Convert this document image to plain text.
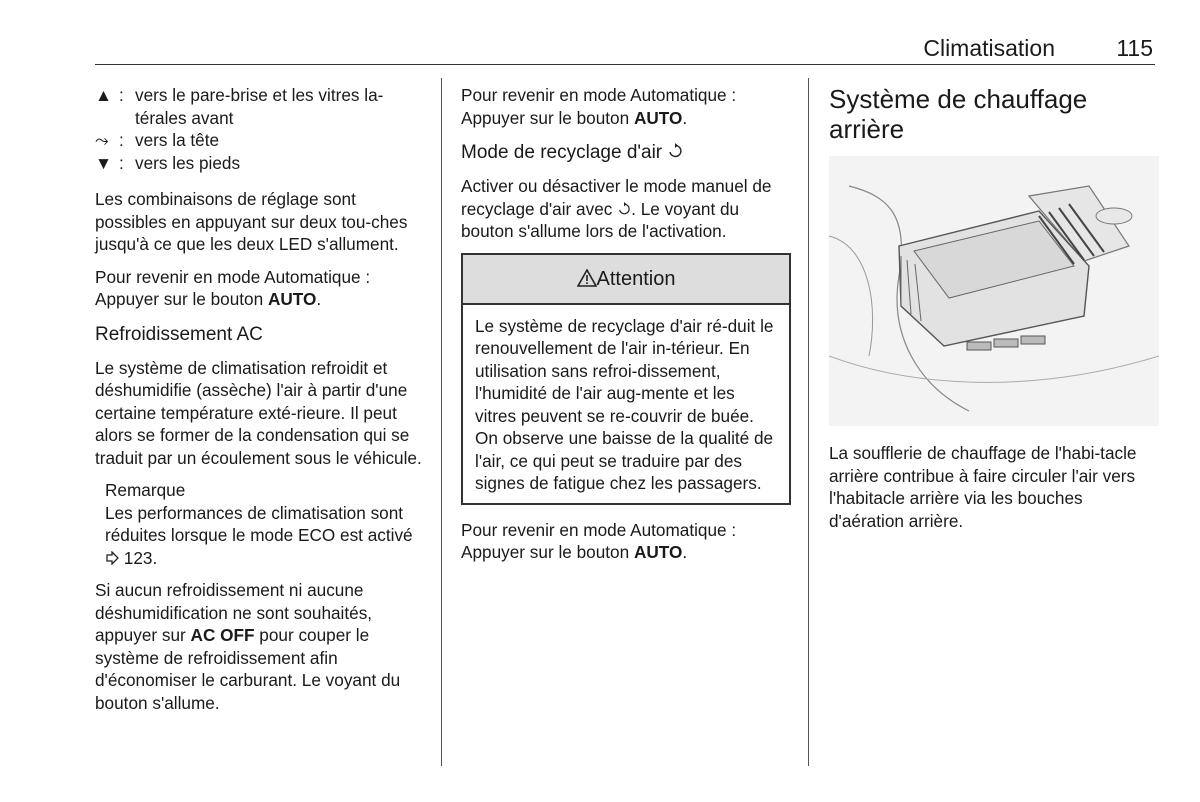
Climatisation	115
▲ : vers le pare-brise et les vitres la-térales avant
⤳ : vers la tête
▼ : vers les pieds

Les combinaisons de réglage sont possibles en appuyant sur deux tou-ches jusqu'à ce que les deux LED s'allument.

Pour revenir en mode Automatique : Appuyer sur le bouton AUTO.

Refroidissement AC

Le système de climatisation refroidit et déshumidifie (assèche) l'air à partir d'une certaine température exté-rieure. Il peut alors se former de la condensation qui se traduit par un écoulement sous le véhicule.

Remarque
Les performances de climatisation sont réduites lorsque le mode ECO est activé  123.

Si aucun refroidissement ni aucune déshumidification ne sont souhaités, appuyer sur AC OFF pour couper le système de refroidissement afin d'économiser le carburant. Le voyant du bouton s'allume.

Pour revenir en mode Automatique : Appuyer sur le bouton AUTO.

Mode de recyclage d'air

Activer ou désactiver le mode manuel de recyclage d'air avec . Le voyant du bouton s'allume lors de l'activation.

Attention
Le système de recyclage d'air ré-duit le renouvellement de l'air in-térieur. En utilisation sans refroi-dissement, l'humidité de l'air aug-mente et les vitres peuvent se re-couvrir de buée. On observe une baisse de la qualité de l'air, ce qui peut se traduire par des signes de fatigue chez les passagers.

Pour revenir en mode Automatique : Appuyer sur le bouton AUTO.

Système de chauffage arrière

La soufflerie de chauffage de l'habi-tacle arrière contribue à faire circuler l'air vers l'habitacle arrière via les bouches d'aération arrière.
